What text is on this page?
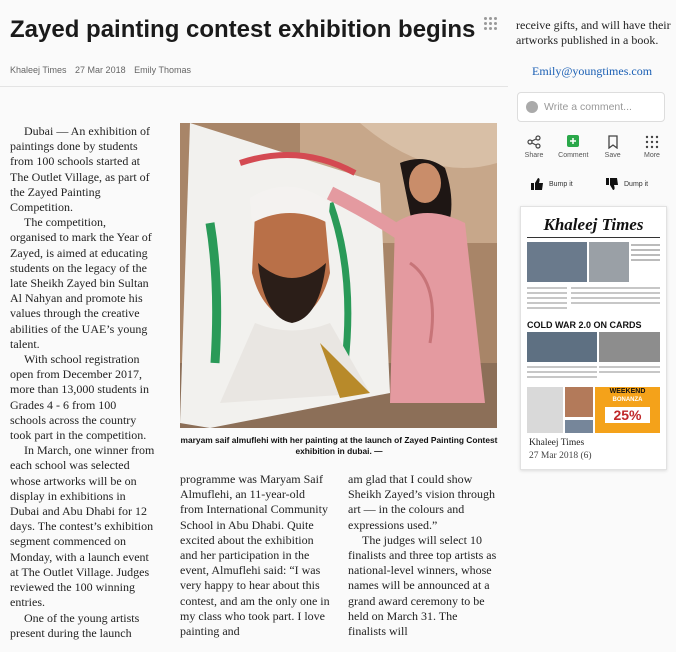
Zayed painting contest exhibition begins
Khaleej Times 27 Mar 2018 Emily Thomas

Dubai — An exhibition of paintings done by students from 100 schools started at The Outlet Village, as part of the Zayed Painting Competition.

The competition, organised to mark the Year of Zayed, is aimed at educating students on the legacy of the late Sheikh Zayed bin Sultan Al Nahyan and promote his values through the creative abilities of the UAE’s young talent.

With school registration open from December 2017, more than 13,000 students in Grades 4 - 6 from 100 schools across the country took part in the competition.

In March, one winner from each school was selected whose artworks will be on display in exhibitions in Dubai and Abu Dhabi for 12 days. The contest’s exhibition segment commenced on Monday, with a launch event at The Outlet Village. Judges reviewed the 100 winning entries.

One of the young artists present during the launch

maryam saif almuflehi with her painting at the launch of Zayed Painting Contest exhibition in dubai. —

programme was Maryam Saif Almuflehi, an 11-year-old from International Community School in Abu Dhabi. Quite excited about the exhibition and her participation in the event, Almuflehi said: “I was very happy to hear about this contest, and am the only one in my class who took part. I love painting and

am glad that I could show Sheikh Zayed’s vision through art — in the colours and expressions used.”

The judges will select 10 finalists and three top artists as national-level winners, whose names will be announced at a grand award ceremony to be held on March 31. The finalists will

receive gifts, and will have their artworks published in a book.
Emily@youngtimes.com
Write a comment...
Share Comment Save	More
Bump it	Dump it
Khaleej Times
COLD WAR 2.0 ON CARDS
WEEKEND
BONANZA
25%
Khaleej Times
27 Mar 2018 (6)
